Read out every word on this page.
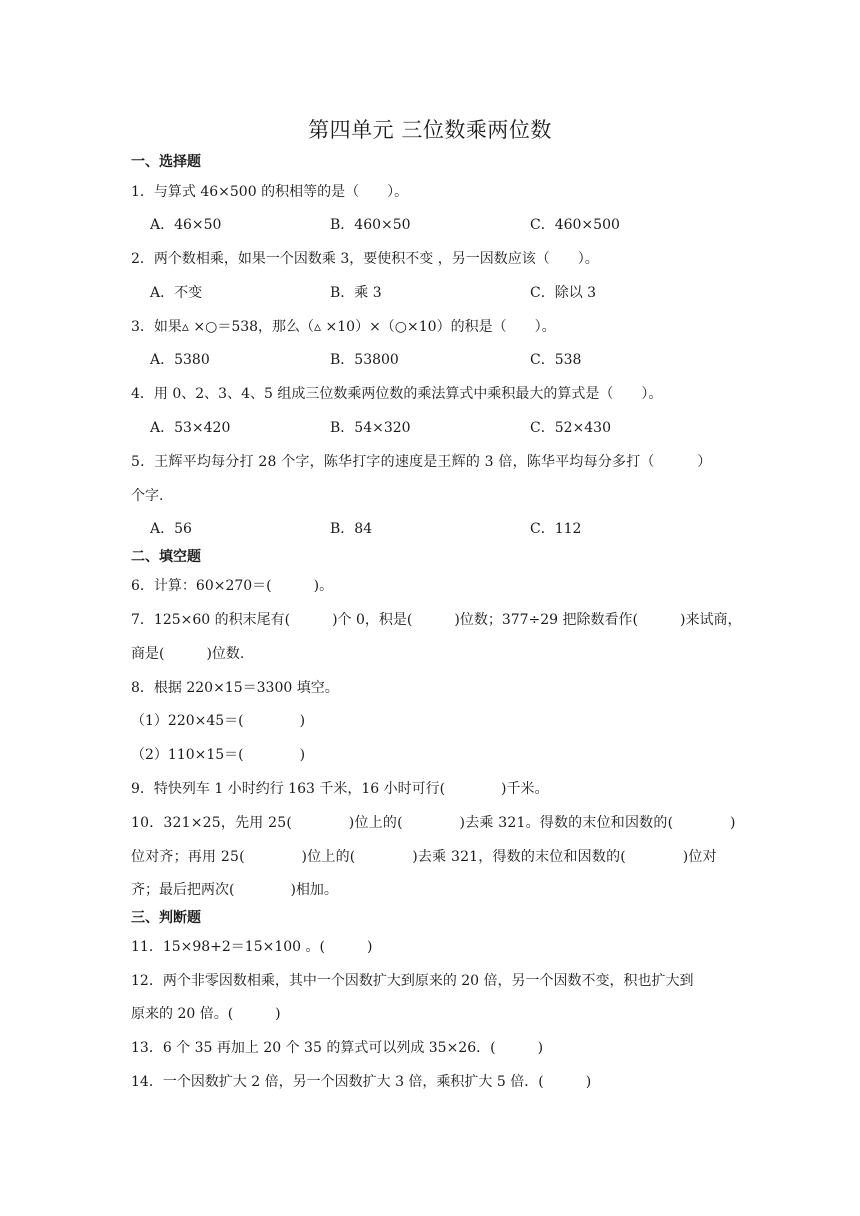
第四单元 三位数乘两位数
一、选择题
1．与算式 46×500 的积相等的是（　　）。
A．46×50	B．460×50	C．460×500
2．两个数相乘，如果一个因数乘 3，要使积不变 ，另一因数应该（　　）。
A．不变	B．乘 3	C．除以 3
3．如果▵ ×○＝538，那么（▵ ×10）×（○×10）的积是（　　）。
A．5380	B．53800	C．538
4．用 0、2、3、4、5 组成三位数乘两位数的乘法算式中乘积最大的算式是（　　）。
A．53×420	B．54×320	C．52×430
5．王辉平均每分打 28 个字，陈华打字的速度是王辉的 3 倍，陈华平均每分多打（　　　）
个字.
A．56	B．84	C．112
二、填空题
6．计算：60×270＝(　　　)。
7．125×60 的积末尾有(　　　)个 0，积是(　　　)位数；377÷29 把除数看作(　　　)来试商，
商是(　　　)位数.
8．根据 220×15＝3300 填空。
（1）220×45＝(　　　　)
（2）110×15＝(　　　　)
9．特快列车 1 小时约行 163 千米，16 小时可行(　　　　)千米。
10．321×25，先用 25(　　　　)位上的(　　　　)去乘 321。得数的末位和因数的(　　　　)
位对齐；再用 25(　　　　)位上的(　　　　)去乘 321，得数的末位和因数的(　　　　)位对
齐；最后把两次(　　　　)相加。
三、判断题
11．15×98+2＝15×100 。(　　　)
12．两个非零因数相乘，其中一个因数扩大到原来的 20 倍，另一个因数不变，积也扩大到
原来的 20 倍。(　　　)
13．6 个 35 再加上 20 个 35 的算式可以列成 35×26．(　　　)
14．一个因数扩大 2 倍，另一个因数扩大 3 倍，乘积扩大 5 倍．(　　　)
